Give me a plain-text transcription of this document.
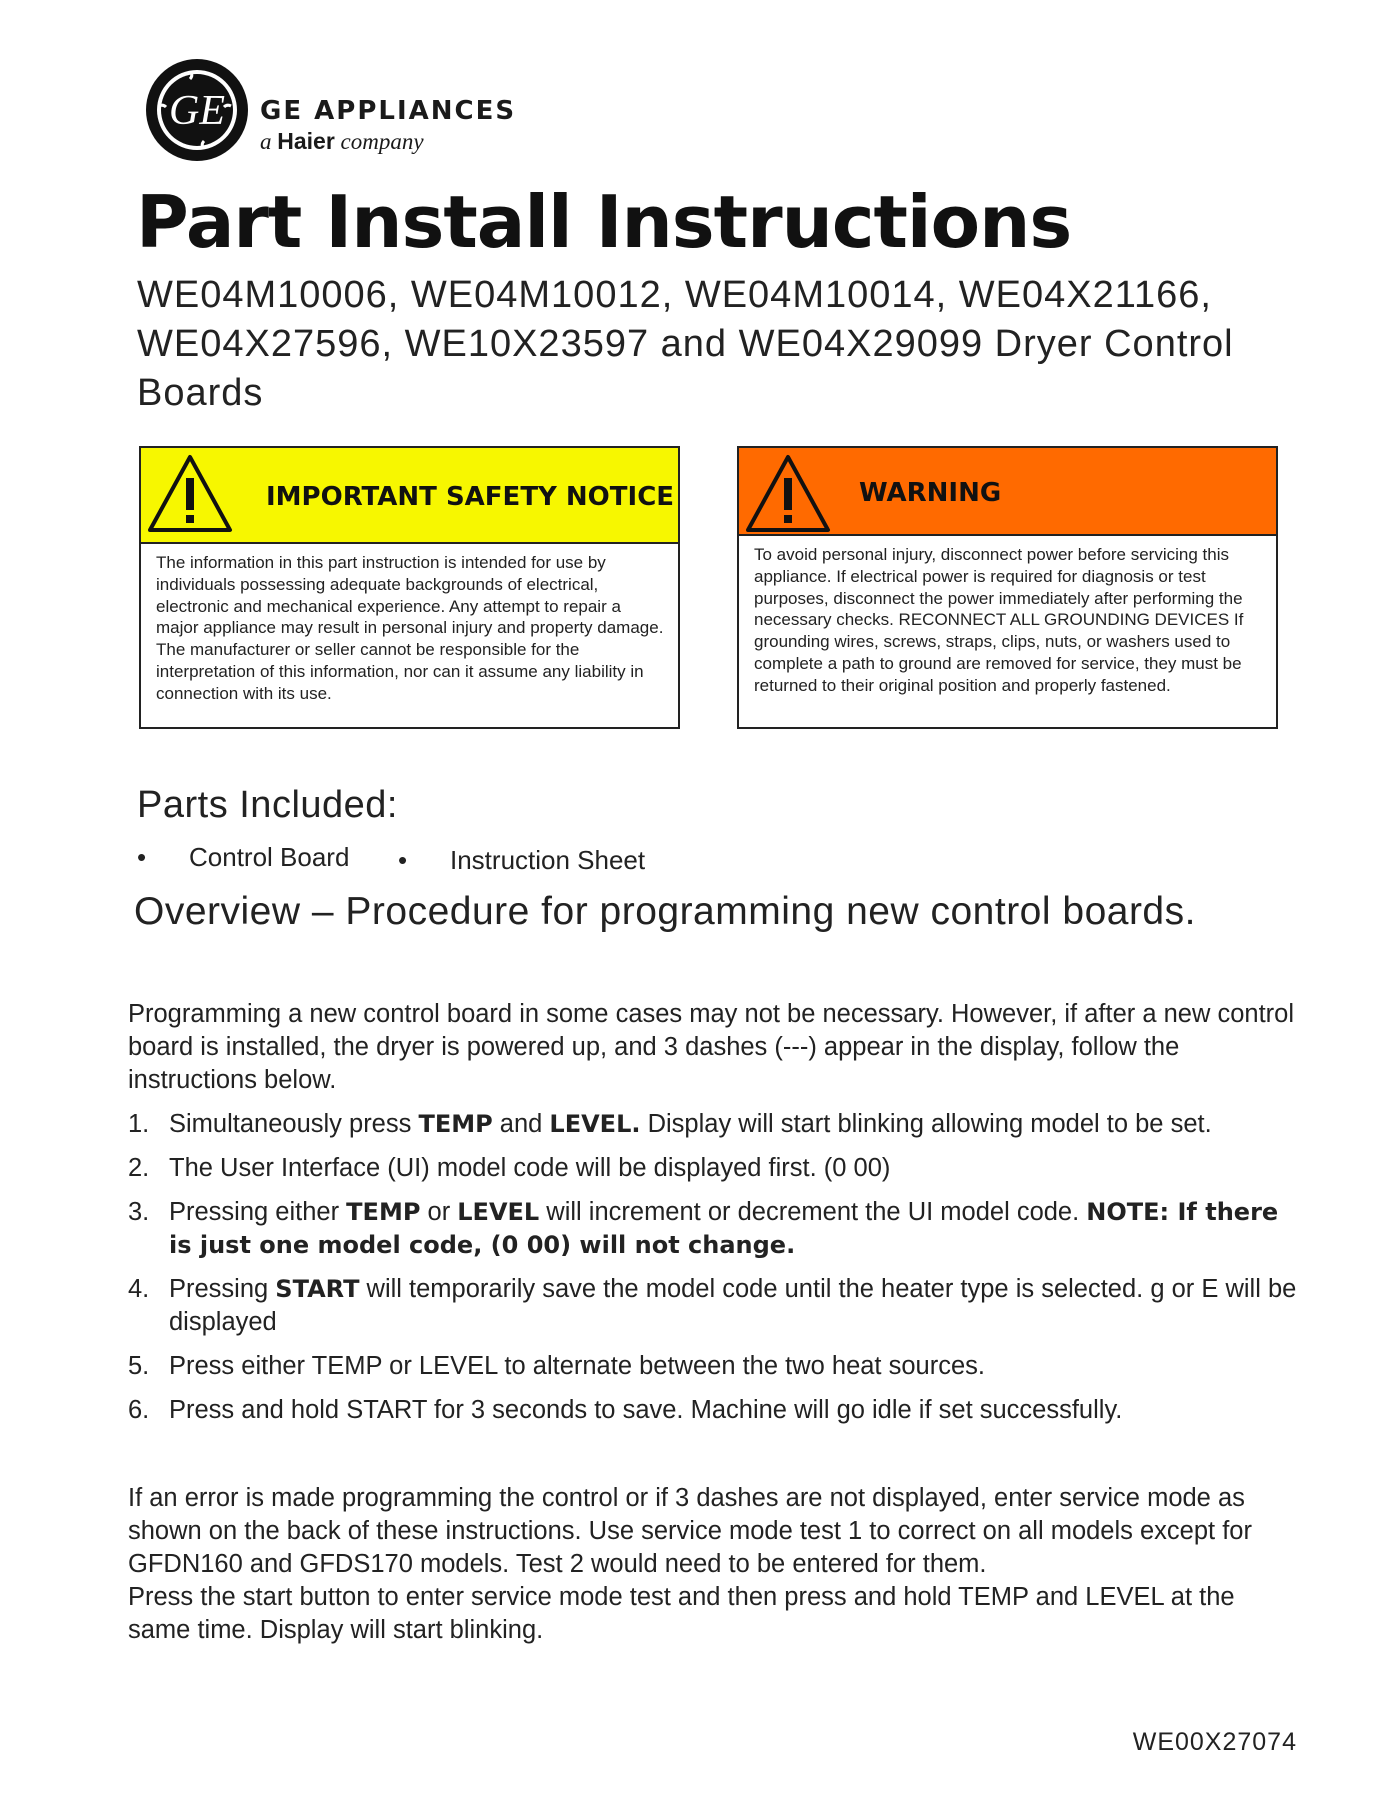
GE GE APPLIANCES
a Haier company
Part Install Instructions
WE04M10006, WE04M10012, WE04M10014, WE04X21166, WE04X27596, WE10X23597 and WE04X29099 Dryer Control Boards
IMPORTANT SAFETY NOTICE
The information in this part instruction is intended for use by individuals possessing adequate backgrounds of electrical, electronic and mechanical experience. Any attempt to repair a major appliance may result in personal injury and property damage. The manufacturer or seller cannot be responsible for the interpretation of this information, nor can it assume any liability in connection with its use.
WARNING
To avoid personal injury, disconnect power before servicing this appliance. If electrical power is required for diagnosis or test purposes, disconnect the power immediately after performing the necessary checks. RECONNECT ALL GROUNDING DEVICES If grounding wires, screws, straps, clips, nuts, or washers used to complete a path to ground are removed for service, they must be returned to their original position and properly fastened.
Parts Included:
• Control Board • Instruction Sheet
Overview – Procedure for programming new control boards.

Programming a new control board in some cases may not be necessary. However, if after a new control board is installed, the dryer is powered up, and 3 dashes (---) appear in the display, follow the instructions below.

1. Simultaneously press TEMP and LEVEL. Display will start blinking allowing model to be set.
2. The User Interface (UI) model code will be displayed first. (0 00)
3. Pressing either TEMP or LEVEL will increment or decrement the UI model code. NOTE: If there is just one model code, (0 00) will not change.
4. Pressing START will temporarily save the model code until the heater type is selected. g or E will be displayed
5. Press either TEMP or LEVEL to alternate between the two heat sources.
6. Press and hold START for 3 seconds to save. Machine will go idle if set successfully.

If an error is made programming the control or if 3 dashes are not displayed, enter service mode as shown on the back of these instructions. Use service mode test 1 to correct on all models except for GFDN160 and GFDS170 models. Test 2 would need to be entered for them.
Press the start button to enter service mode test and then press and hold TEMP and LEVEL at the same time. Display will start blinking.

WE00X27074
